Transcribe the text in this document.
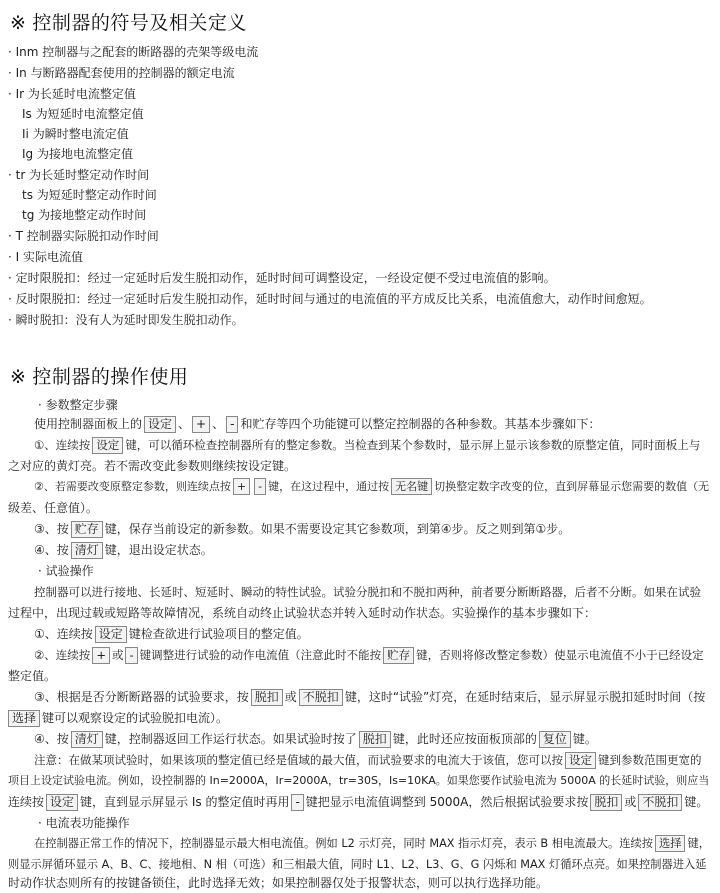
※ 控制器的符号及相关定义
· Inm 控制器与之配套的断路器的壳架等级电流
· In 与断路器配套使用的控制器的额定电流
· Ir 为长延时电流整定值
Is 为短延时电流整定值
Ii 为瞬时整电流定值
Ig 为接地电流整定值
· tr 为长延时整定动作时间
ts 为短延时整定动作时间
tg 为接地整定动作时间
· T 控制器实际脱扣动作时间
· I 实际电流值
· 定时限脱扣：经过一定延时后发生脱扣动作，延时时间可调整设定，一经设定便不受过电流值的影响。
· 反时限脱扣：经过一定延时后发生脱扣动作，延时时间与通过的电流值的平方成反比关系，电流值愈大，动作时间愈短。
· 瞬时脱扣：没有人为延时即发生脱扣动作。
※ 控制器的操作使用
· 参数整定步骤
使用控制器面板上的 设定 、 + 、 - 和贮存等四个功能键可以整定控制器的各种参数。其基本步骤如下：
①、连续按 设定 键，可以循环检查控制器所有的整定参数。当检查到某个参数时，显示屏上显示该参数的原整定值，同时面板上与
之对应的黄灯亮。若不需改变此参数则继续按设定键。
②、若需要改变原整定参数，则连续点按 + - 键，在这过程中，通过按 无名键 切换整定数字改变的位，直到屏幕显示您需要的数值（无
级差、任意值）。
③、按 贮存 键，保存当前设定的新参数。如果不需要设定其它参数项，到第④步。反之则到第①步。
④、按 清灯 键，退出设定状态。
· 试验操作
控制器可以进行接地、长延时、短延时、瞬动的特性试验。试验分脱扣和不脱扣两种，前者要分断断路器，后者不分断。如果在试验
过程中，出现过载或短路等故障情况，系统自动终止试验状态并转入延时动作状态。实验操作的基本步骤如下：
①、连续按 设定 键检查欲进行试验项目的整定值。
②、连续按 + 或 - 键调整进行试验的动作电流值（注意此时不能按 贮存 键，否则将修改整定参数）使显示电流值不小于已经设定
整定值。
③、根据是否分断断路器的试验要求，按 脱扣 或 不脱扣 键，这时“试验”灯亮，在延时结束后，显示屏显示脱扣延时时间（按
选择 键可以观察设定的试验脱扣电流）。
④、按 清灯 键，控制器返回工作运行状态。如果试验时按了 脱扣 键，此时还应按面板顶部的 复位 键。
注意：在做某项试验时，如果该项的整定值已经是值域的最大值，而试验要求的电流大于该值，您可以按 设定 键到参数范围更宽的
项目上设定试验电流。例如，设控制器的 In=2000A，Ir=2000A，tr=30S，Is=10KA。如果您要作试验电流为 5000A 的长延时试验，则应当
连续按 设定 键，直到显示屏显示 Is 的整定值时再用 - 键把显示电流值调整到 5000A，然后根据试验要求按 脱扣 或 不脱扣 键。
· 电流表功能操作
在控制器正常工作的情况下，控制器显示最大相电流值。例如 L2 示灯亮，同时 MAX 指示灯亮，表示 B 相电流最大。连续按 选择 键，
则显示屏循环显示 A、B、C、接地相、N 相（可选）和三相最大值，同时 L1、L2、L3、G、G 闪烁和 MAX 灯循环点亮。如果控制器进入延
时动作状态则所有的按键备锁住，此时选择无效；如果控制器仅处于报警状态，则可以执行选择功能。
